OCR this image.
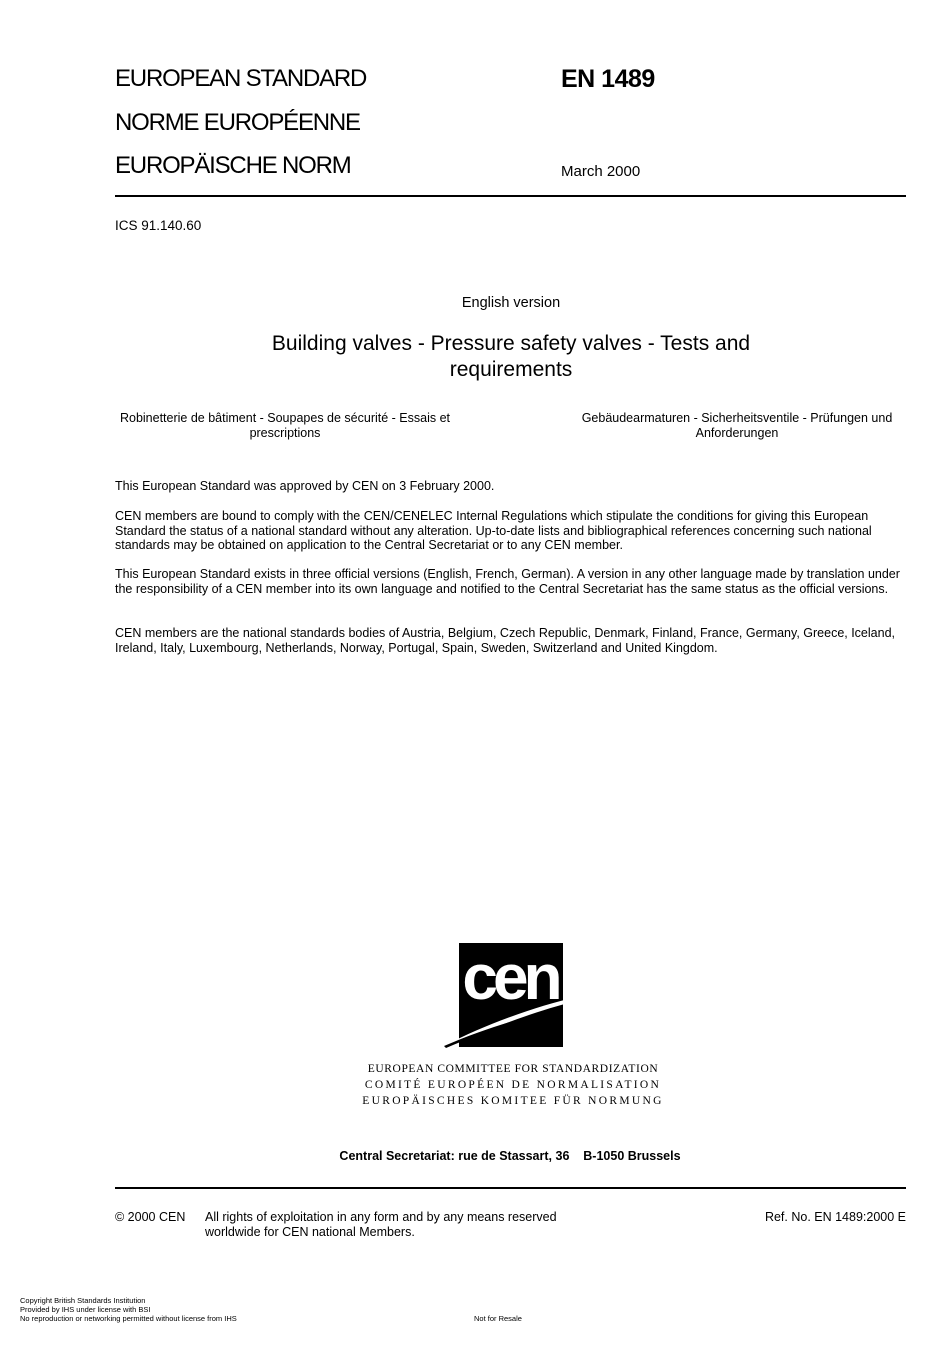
EUROPEAN STANDARD
NORME EUROPÉENNE
EUROPÄISCHE NORM
EN 1489
March 2000
ICS 91.140.60
English version
Building valves - Pressure safety valves - Tests and requirements
Robinetterie de bâtiment - Soupapes de sécurité - Essais et prescriptions
Gebäudearmaturen - Sicherheitsventile - Prüfungen und Anforderungen
This European Standard was approved by CEN on 3 February 2000.
CEN members are bound to comply with the CEN/CENELEC Internal Regulations which stipulate the conditions for giving this European Standard the status of a national standard without any alteration. Up-to-date lists and bibliographical references concerning such national standards may be obtained on application to the Central Secretariat or to any CEN member.
This European Standard exists in three official versions (English, French, German). A version in any other language made by translation under the responsibility of a CEN member into its own language and notified to the Central Secretariat has the same status as the official versions.
CEN members are the national standards bodies of Austria, Belgium, Czech Republic, Denmark, Finland, France, Germany, Greece, Iceland, Ireland, Italy, Luxembourg, Netherlands, Norway, Portugal, Spain, Sweden, Switzerland and United Kingdom.
cen
EUROPEAN COMMITTEE FOR STANDARDIZATION
COMITÉ EUROPÉEN DE NORMALISATION
EUROPÄISCHES KOMITEE FÜR NORMUNG
Central Secretariat: rue de Stassart, 36    B-1050 Brussels
© 2000 CEN All rights of exploitation in any form and by any means reserved worldwide for CEN national Members.
Ref. No. EN 1489:2000 E
Copyright British Standards Institution
Provided by IHS under license with BSI
No reproduction or networking permitted without license from IHS	Not for Resale
